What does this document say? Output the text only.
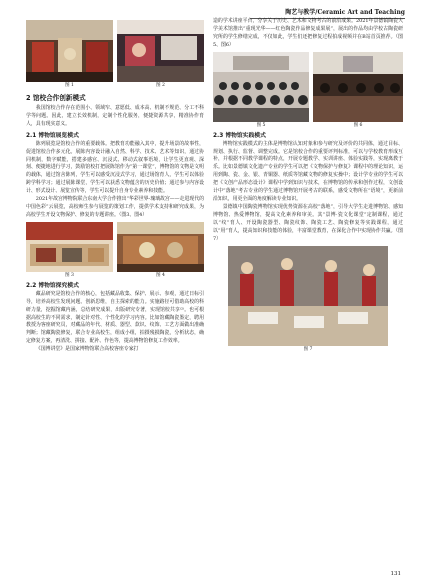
陶艺与教学/Ceramic Art and Teaching
图 1	图 2
2 馆校合作创新模式

我国馆校合作存在范围小、领域窄、意愿低、成本高、机制不规范、分工不科学等问题。因此，建立长效机制，定制个性化服务，便捷资源共享，精准协作育人，具有现实意义。

2.1 博物馆展览模式

陈列展览是馆校合作的重要载体。把教育功能融入其中，提升场景的故事性，促进馆校合作多元化。展陈内容设计融入自然、科学、技术、艺术等知识，通过协同机制，数字赋能，搭建多感官、沉浸式、移动式叙事语境，让学生更直观、深刻、便捷地进行学习，鼓励馆校打把展陈馆作为“第一课堂”，博物馆的文物是文明的载体，通过馆舍陈列，学生可以感受沉浸式学习，通过场馆育人，学生可以体验跨学科学习；通过展陈课堂，学生可以获悉文物蕴含的历史价值；通过参与内容设计、形式设计、展览宣传等，学生可以提升自身专业素养和技能。

2021年故宫博物院联合东南大学合作推出“华彩世界-瑰璃故宫——走进现代的中国色彩”云展览，高校师生参与展览的策划工作，提供学术支持和研究成果，为高校学生开设文物保护、修复的专题讲座。（图3、图4）

图 3	图 4
2.2 博物馆探究模式

藏品研究是馆校合作的核心，包括藏品收集、保护、展示、参观，通过日标引导，培养高校生发现问题、创新思维，自主探索的能力。实施路径可借助高校的科研力量，挖掘馆藏内涵，总结研究成果，出版研究专著，实现馆校共享⁽²⁾。也可根据高校生的不同需求，制定针对性、个性化的学习内容。比如馆藏陶瓷鉴定，聘用教授为客座研究员，对藏品的年代、材质、器型、款识、纹饰、工艺方面做出准确判断；馆藏陶瓷修复，联合专业高校生，组成小组，拍摄残损陶瓷，分析状态，确定修复方案，再清洗、拼接、配补、作色等，提高博物馆修复工作效率。

《国博讲堂》是国家博物馆联合高校客座专家打

造的学术讲座平台，分享关于历史、艺术和文物考古的前沿成果。2021年景德镇陶瓷大学美术馆推出“重现光华——红色陶瓷作品修复成果展”，展出的作品均由学校古陶瓷研究所的学生修缮完成，不仅如此，学生们还把修复过程拍成视频并在B站首页推荐。（图5、图6）

图 5	图 6
2.3 博物馆实践模式

博物馆实践模式的主体是博物馆认知对象和参与研究及评价的共同体，通过目标、规划、执行、监督、调整完成。它是馆校合作的重要评判标准，可以与学校教育形成互补，并根据不同教学课程的特点，开展专题教学、实训讲座、体验实践等，实现离教于乐。比如景德镇文化遗产专业的学生可以把《文物保护与修复》课程中的理论知识，运用到陶、瓷、金、银、青铜器、纸质等馆藏文物的修复实操中；设计学专业的学生可以把《文创产品形态设计》课程中学到知识与技术，在博物馆的传承和创作过程，文创设计中“落地”考古专业的学生通过博物馆开展考古的联系，感受文物所在“语境”，更新前沿知识，用更全面的角度解读专业知识。

景德镇中国陶瓷博物馆实现优势资源在高校“落地”，引导大学生走进博物馆、感知博物馆、热爱博物馆，提高文化素养和审美。其“景博·瓷文化课堂”定制课程，通过以“纹”育人、开设陶瓷器型、陶瓷纹饰、陶瓷工艺、陶瓷修复等实践课程，通过以“用”育人，提高知识和技能的体验，丰富课堂教育，在深化合作中实现协作共赢。（图7）

图 7
131
